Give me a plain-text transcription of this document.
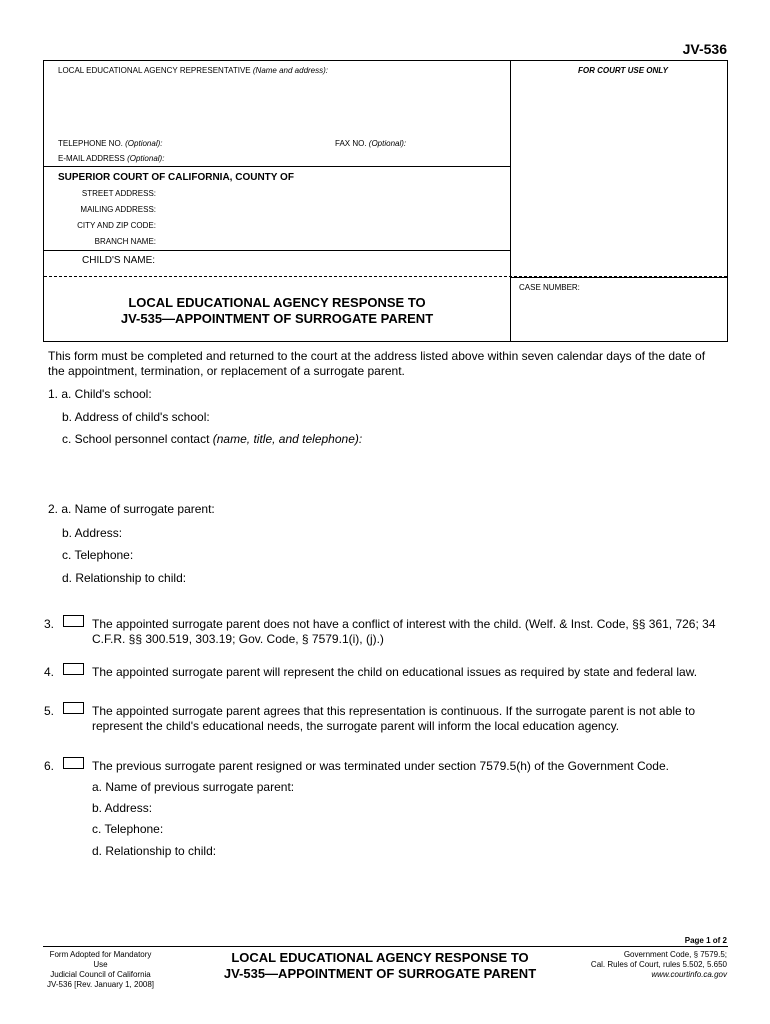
JV-536
LOCAL EDUCATIONAL AGENCY REPRESENTATIVE (Name and address):	FOR COURT USE ONLY
TELEPHONE NO. (Optional):	FAX NO. (Optional):
E-MAIL ADDRESS (Optional):
SUPERIOR COURT OF CALIFORNIA, COUNTY OF
STREET ADDRESS:
MAILING ADDRESS:
CITY AND ZIP CODE:
BRANCH NAME:
CHILD'S NAME:
CASE NUMBER:
LOCAL EDUCATIONAL AGENCY RESPONSE TO
JV-535—APPOINTMENT OF SURROGATE PARENT
This form must be completed and returned to the court at the address listed above within seven calendar days of the date of the appointment, termination, or replacement of a surrogate parent.
1. a. Child's school:
b. Address of child's school:
c. School personnel contact (name, title, and telephone):
2. a. Name of surrogate parent:
b. Address:
c. Telephone:
d. Relationship to child:
3.	The appointed surrogate parent does not have a conflict of interest with the child. (Welf. & Inst. Code, §§ 361, 726; 34 C.F.R. §§ 300.519, 303.19; Gov. Code, § 7579.1(i), (j).)
4.	The appointed surrogate parent will represent the child on educational issues as required by state and federal law.
5.	The appointed surrogate parent agrees that this representation is continuous. If the surrogate parent is not able to represent the child's educational needs, the surrogate parent will inform the local education agency.
6.	The previous surrogate parent resigned or was terminated under section 7579.5(h) of the Government Code.
a. Name of previous surrogate parent:
b. Address:
c. Telephone:
d. Relationship to child:
Page 1 of 2
Form Adopted for Mandatory Use
Judicial Council of California
JV-536 [Rev. January 1, 2008]
LOCAL EDUCATIONAL AGENCY RESPONSE TO
JV-535—APPOINTMENT OF SURROGATE PARENT
Government Code, § 7579.5;
Cal. Rules of Court, rules 5.502, 5.650
www.courtinfo.ca.gov
